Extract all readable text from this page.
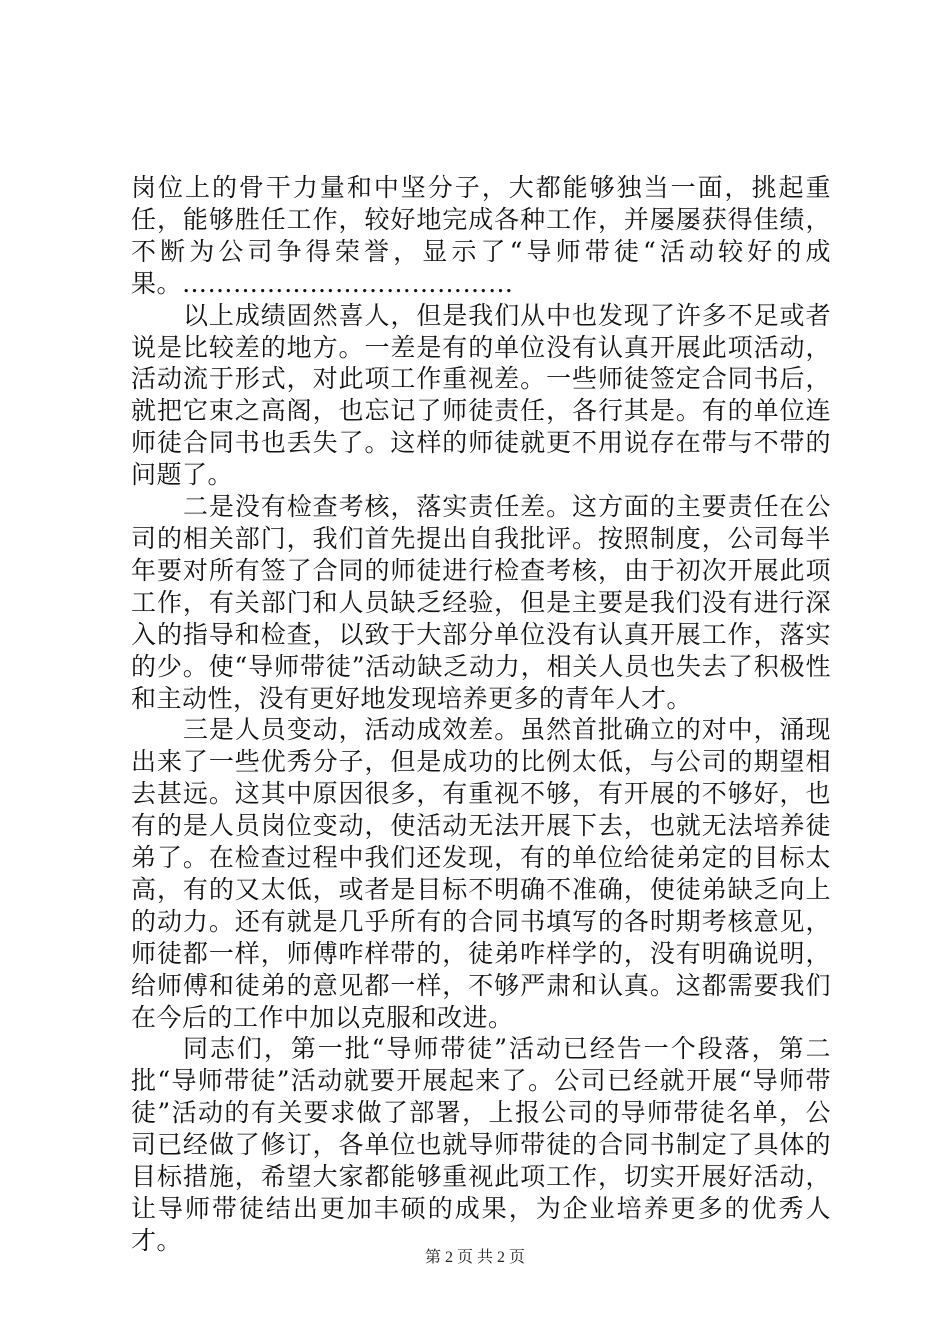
岗位上的骨干力量和中坚分子，大都能够独当一面，挑起重任，能够胜任工作，较好地完成各种工作，并屡屡获得佳绩，不断为公司争得荣誉，显示了“导师带徒“活动较好的成果。…………………………………

以上成绩固然喜人，但是我们从中也发现了许多不足或者说是比较差的地方。一差是有的单位没有认真开展此项活动，活动流于形式，对此项工作重视差。一些师徒签定合同书后，就把它束之高阁，也忘记了师徒责任，各行其是。有的单位连师徒合同书也丢失了。这样的师徒就更不用说存在带与不带的问题了。

二是没有检查考核，落实责任差。这方面的主要责任在公司的相关部门，我们首先提出自我批评。按照制度，公司每半年要对所有签了合同的师徒进行检查考核，由于初次开展此项工作，有关部门和人员缺乏经验，但是主要是我们没有进行深入的指导和检查，以致于大部分单位没有认真开展工作，落实的少。使“导师带徒”活动缺乏动力，相关人员也失去了积极性和主动性，没有更好地发现培养更多的青年人才。

三是人员变动，活动成效差。虽然首批确立的对中，涌现出来了一些优秀分子，但是成功的比例太低，与公司的期望相去甚远。这其中原因很多，有重视不够，有开展的不够好，也有的是人员岗位变动，使活动无法开展下去，也就无法培养徒弟了。在检查过程中我们还发现，有的单位给徒弟定的目标太高，有的又太低，或者是目标不明确不准确，使徒弟缺乏向上的动力。还有就是几乎所有的合同书填写的各时期考核意见，师徒都一样，师傅咋样带的，徒弟咋样学的，没有明确说明，给师傅和徒弟的意见都一样，不够严肃和认真。这都需要我们在今后的工作中加以克服和改进。

同志们，第一批“导师带徒”活动已经告一个段落，第二批“导师带徒”活动就要开展起来了。公司已经就开展“导师带徒”活动的有关要求做了部署，上报公司的导师带徒名单，公司已经做了修订，各单位也就导师带徒的合同书制定了具体的目标措施，希望大家都能够重视此项工作，切实开展好活动，让导师带徒结出更加丰硕的成果，为企业培养更多的优秀人才。

第 2 页 共 2 页
